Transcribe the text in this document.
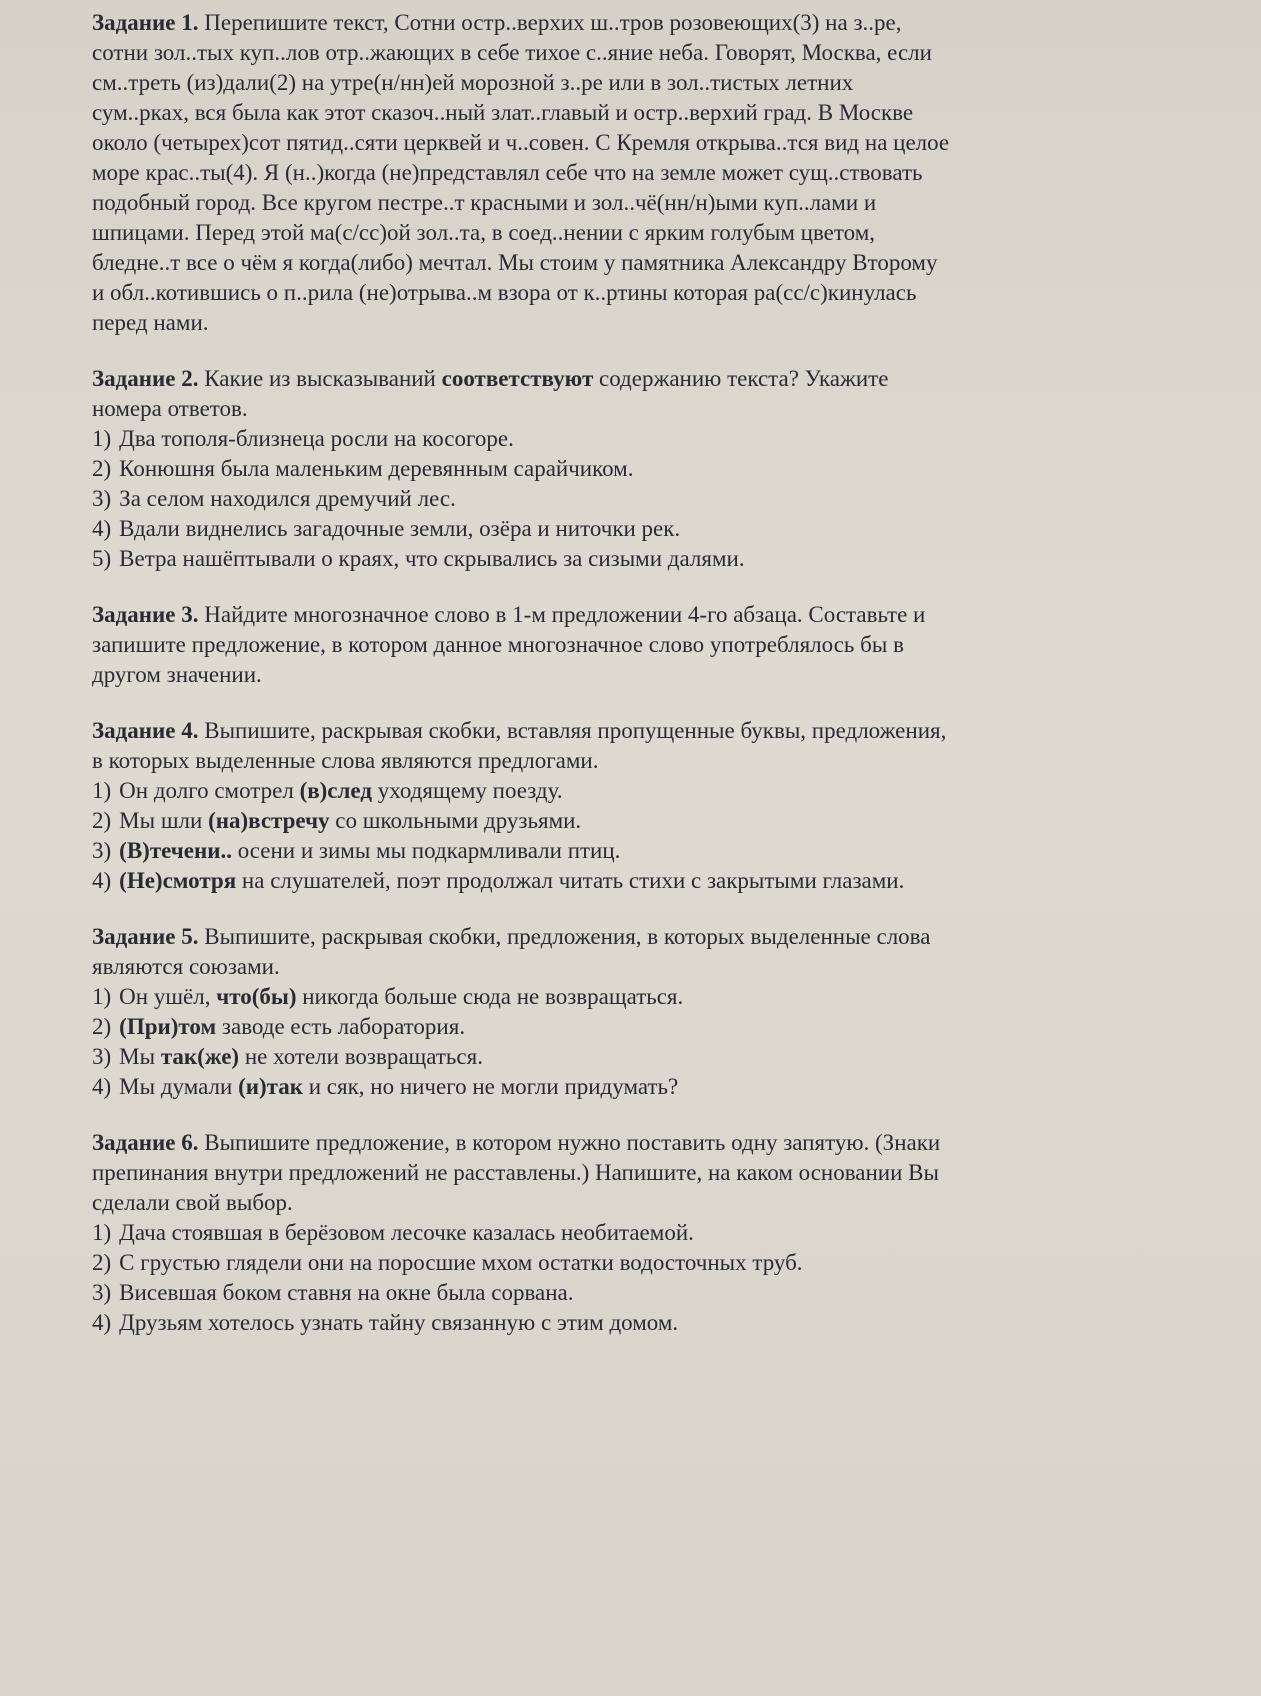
Задание 1. Перепишите текст, Сотни остр..верхих ш..тров розовеющих(3) на з..ре,
сотни зол..тых куп..лов отр..жающих в себе тихое с..яние неба. Говорят, Москва, если
см..треть (из)дали(2) на утре(н/нн)ей морозной з..ре или в зол..тистых летних
сум..рках, вся была как этот сказоч..ный злат..главый и остр..верхий град. В Москве
около (четырех)сот пятид..сяти церквей и ч..совен. С Кремля открыва..тся вид на целое
море крас..ты(4). Я (н..)когда (не)представлял себе что на земле может сущ..ствовать
подобный город. Все кругом пестре..т красными и зол..чё(нн/н)ыми куп..лами и
шпицами. Перед этой ма(с/сс)ой зол..та, в соед..нении с ярким голубым цветом,
бледне..т все о чём я когда(либо) мечтал. Мы стоим у памятника Александру Второму
и обл..котившись о п..рила (не)отрыва..м взора от к..ртины которая ра(сс/с)кинулась
перед нами.
Задание 2. Какие из высказываний соответствуют содержанию текста? Укажите
номера ответов.
1) Два тополя-близнеца росли на косогоре.
2) Конюшня была маленьким деревянным сарайчиком.
3) За селом находился дремучий лес.
4) Вдали виднелись загадочные земли, озёра и ниточки рек.
5) Ветра нашёптывали о краях, что скрывались за сизыми далями.
Задание 3. Найдите многозначное слово в 1-м предложении 4-го абзаца. Составьте и
запишите предложение, в котором данное многозначное слово употреблялось бы в
другом значении.
Задание 4. Выпишите, раскрывая скобки, вставляя пропущенные буквы, предложения,
в которых выделенные слова являются предлогами.
1) Он долго смотрел (в)след уходящему поезду.
2) Мы шли (на)встречу со школьными друзьями.
3) (В)течени.. осени и зимы мы подкармливали птиц.
4) (Не)смотря на слушателей, поэт продолжал читать стихи с закрытыми глазами.
Задание 5. Выпишите, раскрывая скобки, предложения, в которых выделенные слова
являются союзами.
1) Он ушёл, что(бы) никогда больше сюда не возвращаться.
2) (При)том заводе есть лаборатория.
3) Мы так(же) не хотели возвращаться.
4) Мы думали (и)так и сяк, но ничего не могли придумать?
Задание 6. Выпишите предложение, в котором нужно поставить одну запятую. (Знаки
препинания внутри предложений не расставлены.) Напишите, на каком основании Вы
сделали свой выбор.
1) Дача стоявшая в берёзовом лесочке казалась необитаемой.
2) С грустью глядели они на поросшие мхом остатки водосточных труб.
3) Висевшая боком ставня на окне была сорвана.
4) Друзьям хотелось узнать тайну связанную с этим домом.
